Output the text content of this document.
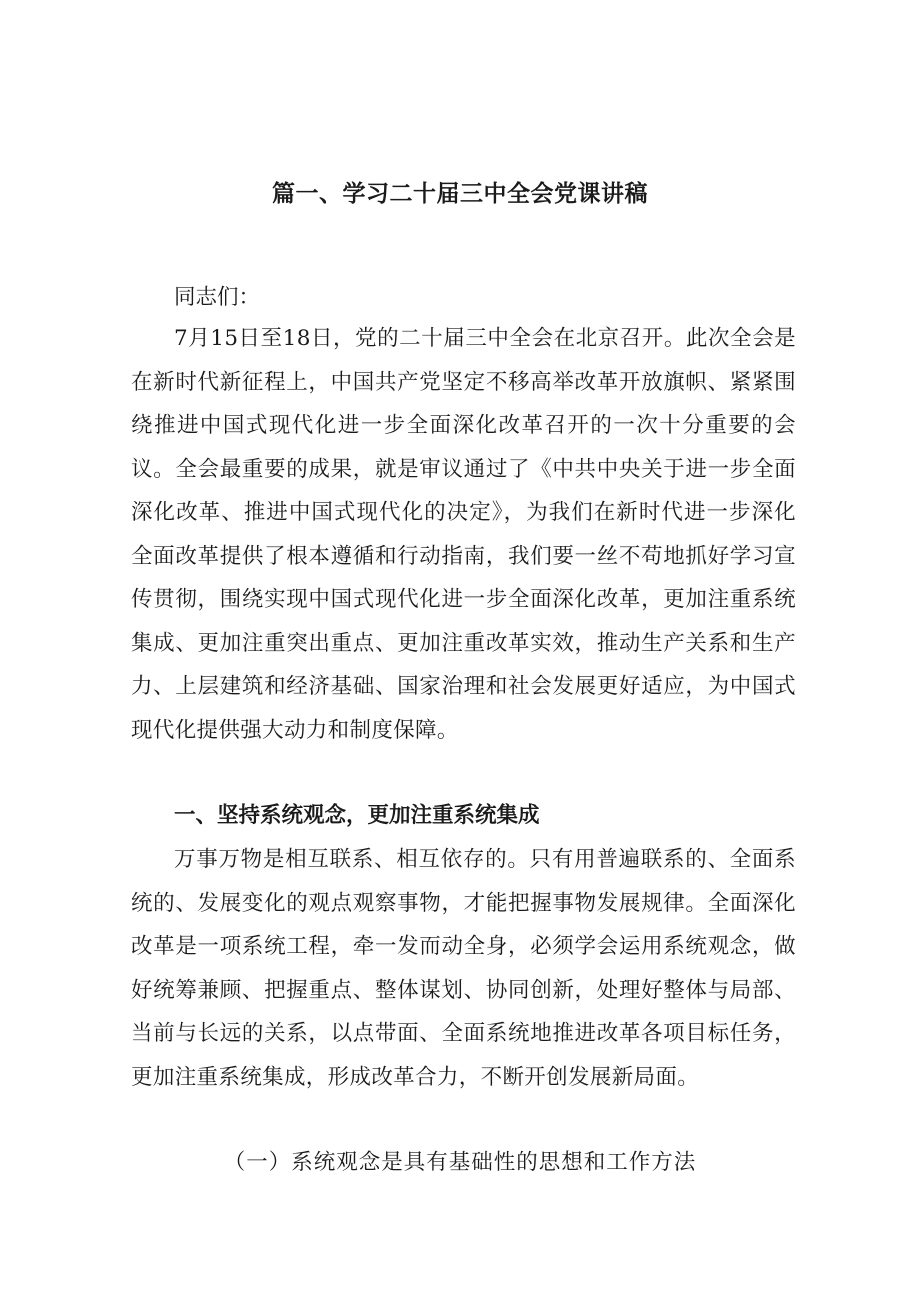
篇一、学习二十届三中全会党课讲稿

同志们：

7月15日至18日，党的二十届三中全会在北京召开。此次全会是在新时代新征程上，中国共产党坚定不移高举改革开放旗帜、紧紧围绕推进中国式现代化进一步全面深化改革召开的一次十分重要的会议。全会最重要的成果，就是审议通过了《中共中央关于进一步全面深化改革、推进中国式现代化的决定》，为我们在新时代进一步深化全面改革提供了根本遵循和行动指南，我们要一丝不苟地抓好学习宣传贯彻，围绕实现中国式现代化进一步全面深化改革，更加注重系统集成、更加注重突出重点、更加注重改革实效，推动生产关系和生产力、上层建筑和经济基础、国家治理和社会发展更好适应，为中国式现代化提供强大动力和制度保障。

一、坚持系统观念，更加注重系统集成

万事万物是相互联系、相互依存的。只有用普遍联系的、全面系统的、发展变化的观点观察事物，才能把握事物发展规律。全面深化改革是一项系统工程，牵一发而动全身，必须学会运用系统观念，做好统筹兼顾、把握重点、整体谋划、协同创新，处理好整体与局部、当前与长远的关系，以点带面、全面系统地推进改革各项目标任务，更加注重系统集成，形成改革合力，不断开创发展新局面。

（一）系统观念是具有基础性的思想和工作方法
